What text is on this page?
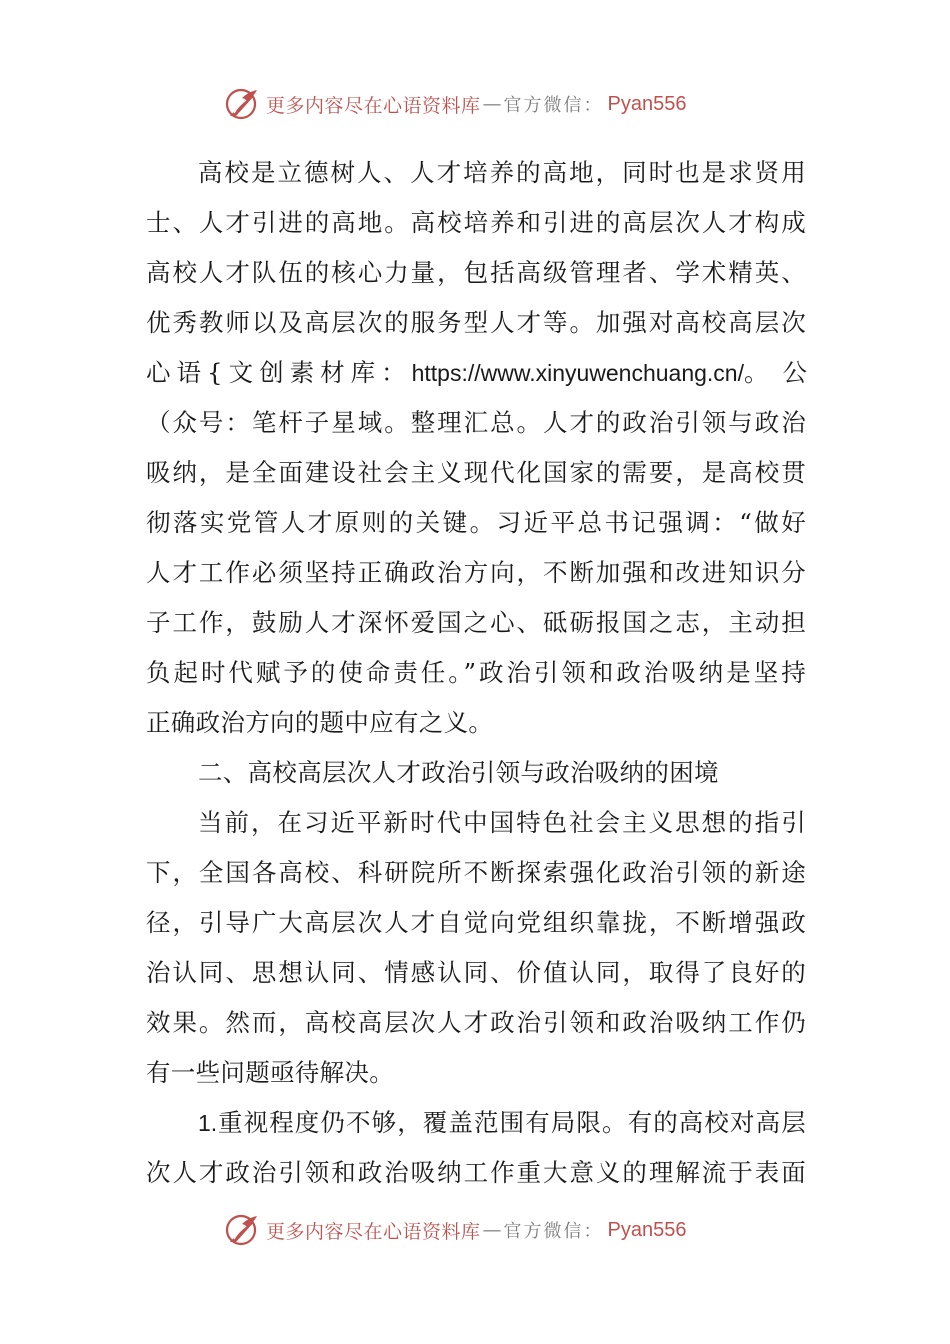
更多内容尽在心语资料库 — 官方微信： Pyan556
高校是立德树人、人才培养的高地，同时也是求贤用
士、人才引进的高地。高校培养和引进的高层次人才构成
高校人才队伍的核心力量，包括高级管理者、学术精英、
优秀教师以及高层次的服务型人才等。加强对高校高层次
心语{文创素材库：https://www.xinyuwenchuang.cn/。公
（众号：笔杆子星域。整理汇总。人才的政治引领与政治
吸纳，是全面建设社会主义现代化国家的需要，是高校贯
彻落实党管人才原则的关键。习近平总书记强调：“做好
人才工作必须坚持正确政治方向，不断加强和改进知识分
子工作，鼓励人才深怀爱国之心、砥砺报国之志，主动担
负起时代赋予的使命责任。”政治引领和政治吸纳是坚持
正确政治方向的题中应有之义。
二、高校高层次人才政治引领与政治吸纳的困境
当前，在习近平新时代中国特色社会主义思想的指引
下，全国各高校、科研院所不断探索强化政治引领的新途
径，引导广大高层次人才自觉向党组织靠拢，不断增强政
治认同、思想认同、情感认同、价值认同，取得了良好的
效果。然而，高校高层次人才政治引领和政治吸纳工作仍
有一些问题亟待解决。
1.重视程度仍不够，覆盖范围有局限。有的高校对高层
次人才政治引领和政治吸纳工作重大意义的理解流于表面
更多内容尽在心语资料库 — 官方微信： Pyan556
